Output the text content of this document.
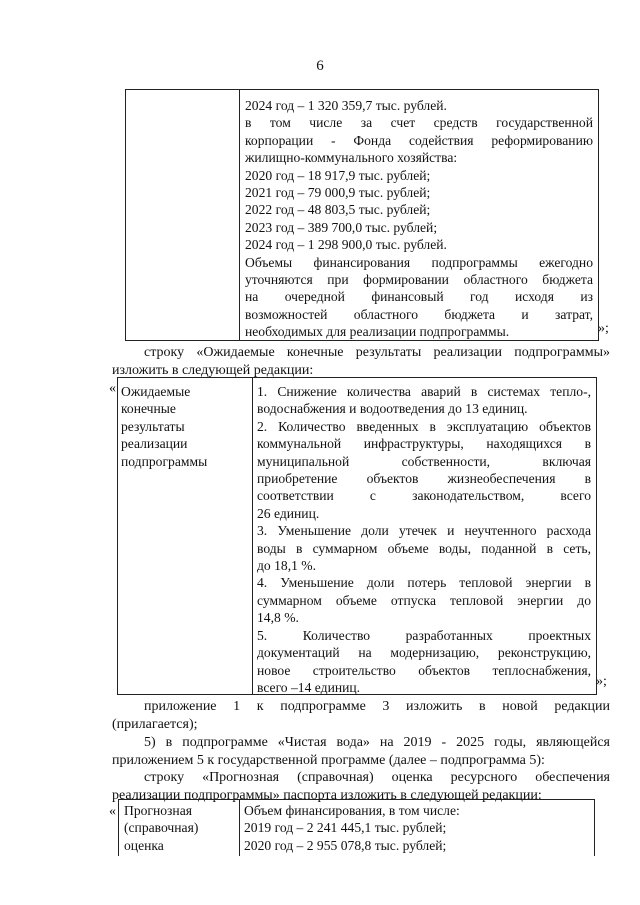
6

2024 год – 1 320 359,7 тыс. рублей.

в том числе за счет средств государственной

корпорации - Фонда содействия реформированию

жилищно-коммунального хозяйства:

2020 год – 18 917,9 тыс. рублей;

2021 год – 79 000,9 тыс. рублей;

2022 год – 48 803,5 тыс. рублей;

2023 год – 389 700,0 тыс. рублей;

2024 год – 1 298 900,0 тыс. рублей.

Объемы финансирования подпрограммы ежегодно

уточняются при формировании областного бюджета

на очередной финансовый год исходя из

возможностей областного бюджета и затрат,

необходимых для реализации подпрограммы.	»;

строку «Ожидаемые конечные результаты реализации подпрограммы»

изложить в следующей редакции:

« Ожидаемые
конечные
результаты
реализации
подпрограммы

1. Снижение количества аварий в системах тепло-,

водоснабжения и водоотведения до 13 единиц.

2. Количество введенных в эксплуатацию объектов

коммунальной инфраструктуры, находящихся в

муниципальной собственности, включая

приобретение объектов жизнеобеспечения в

соответствии с законодательством, всего

26 единиц.

3. Уменьшение доли утечек и неучтенного расхода

воды в суммарном объеме воды, поданной в сеть,

до 18,1 %.

4. Уменьшение доли потерь тепловой энергии в

суммарном объеме отпуска тепловой энергии до

14,8 %.

5. Количество разработанных проектных

документаций на модернизацию, реконструкцию,

новое строительство объектов теплоснабжения,

всего –14 единиц.	»;

приложение 1 к подпрограмме 3 изложить в новой редакции

(прилагается);

5) в подпрограмме «Чистая вода» на 2019 - 2025 годы, являющейся

приложением 5 к государственной программе (далее – подпрограмма 5):

строку «Прогнозная (справочная) оценка ресурсного обеспечения

реализации подпрограммы» паспорта изложить в следующей редакции:

« Прогнозная
(справочная)
оценка
Объем финансирования, в том числе:
2019 год – 2 241 445,1 тыс. рублей;
2020 год – 2 955 078,8 тыс. рублей;
